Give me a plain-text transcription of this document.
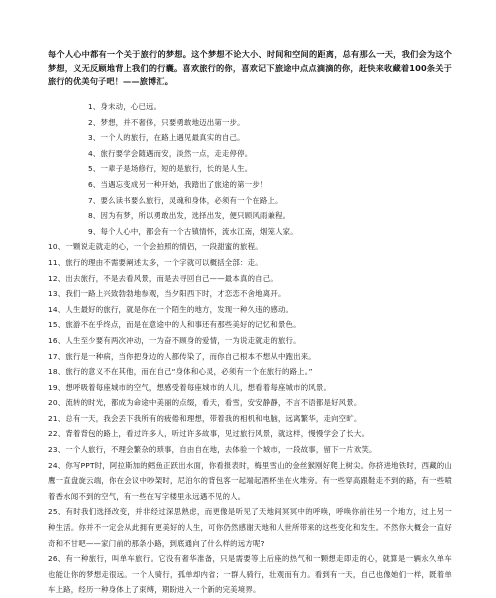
每个人心中都有一个关于旅行的梦想。这个梦想不论大小、时间和空间的距离，总有那么一天，我们会为这个梦想，义无反顾地背上我们的行囊。喜欢旅行的你，喜欢记下旅途中点点滴滴的你，赶快来收藏着100条关于旅行的优美句子吧！——旅博汇。
1、身未动，心已远。
2、梦想，并不奢侈，只要勇敢地迈出第一步。
3、一个人的旅行，在路上遇见最真实的自己。
4、旅行要学会随遇而安，淡然一点，走走停停。
5、一辈子是场修行，短的是旅行，长的是人生。
6、当遇忘变成另一种开始，我踏出了旅途的第一步！
7、要么读书要么旅行，灵魂和身体，必须有一个在路上。
8、因为有梦，所以勇敢出发，选择出发，便只顾风雨兼程。
9、每个人心中，都会有一个古镇情怀，流水江南，烟笼人家。
10、一颗说走就走的心，一个会拍照的情侣，一段甜蜜的旅程。
11、旅行的理由不需要阐述太多，一个字就可以概括全部：走。
12、出去旅行，不是去看风景，而是去寻回自己——最本真的自己。
13、我们一路上兴致勃勃地参观，当夕阳西下时，才恋恋不舍地离开。
14、人生最好的旅行，就是你在一个陌生的地方，发现一种久违的感动。
15、旅游不在乎终点，而是在意途中的人和事还有那些美好的记忆和景色。
16、人生至少要有两次冲动，一为奋不顾身的爱情，一为说走就走的旅行。
17、旅行是一种病，当你把身边的人都传染了，而你自己根本不想从中跑出来。
18、旅行的意义不在其他，而在自己“身体和心灵，必须有一个在旅行的路上。”
19、想呼吸着每座城市的空气，想感受着每座城市的人儿，想看着每座城市的风景。
20、流转的时光，都成为命途中美丽的点缀，看天，看雪，安安静静，不言不语都是好风景。
21、总有一天，我会丢下我所有的疲倦和理想，带着我的相机和电脑，远离繁华，走向空旷。
22、背着背包的路上，看过许多人，听过许多故事，见过旅行风景，就这样，慢慢学会了长大。
23、一个人旅行，不理会繁杂的琐事，自由自在地，去体验一个城市，一段故事，留下一片欢笑。
24、你写PPT时，阿拉斯加的鳕鱼正跃出水面，你看报表时，梅里雪山的金丝猴刚好爬上树尖。你挤进地铁时，西藏的山鹰一直盘旋云端，你在会议中吵架时，尼泊尔的背包客一起端起酒杯坐在火堆旁。有一些穿高跟鞋走不到的路，有一些喷着香水闻不到的空气，有一些在写字楼里永远遇不见的人。
25、有时我们选择改变，并非经过深思熟虑，而更像是听见了天地间冥冥中的呼唤，呼唤你前往另一个地方，过上另一种生活。你并不一定会从此拥有更美好的人生，可你仍然感谢天地和人世所带来的这些变化和发生。不然你大概会一直好奇和不甘吧——家门前的那条小路，到底通向了什么样的远方呢?
26、有一种旅行，叫单车旅行。它没有奢华准备，只是需要等上后座的热气和一颗想走即走的心，就算是一辆永久单车也能让你的梦想走很远。一个人骑行，孤单却内省；一群人骑行，壮观而有力。看到有一天，自己也像她们一样，既着单车上路，经历一种身体上了束缚，期盼进入一个新的完美境界。
